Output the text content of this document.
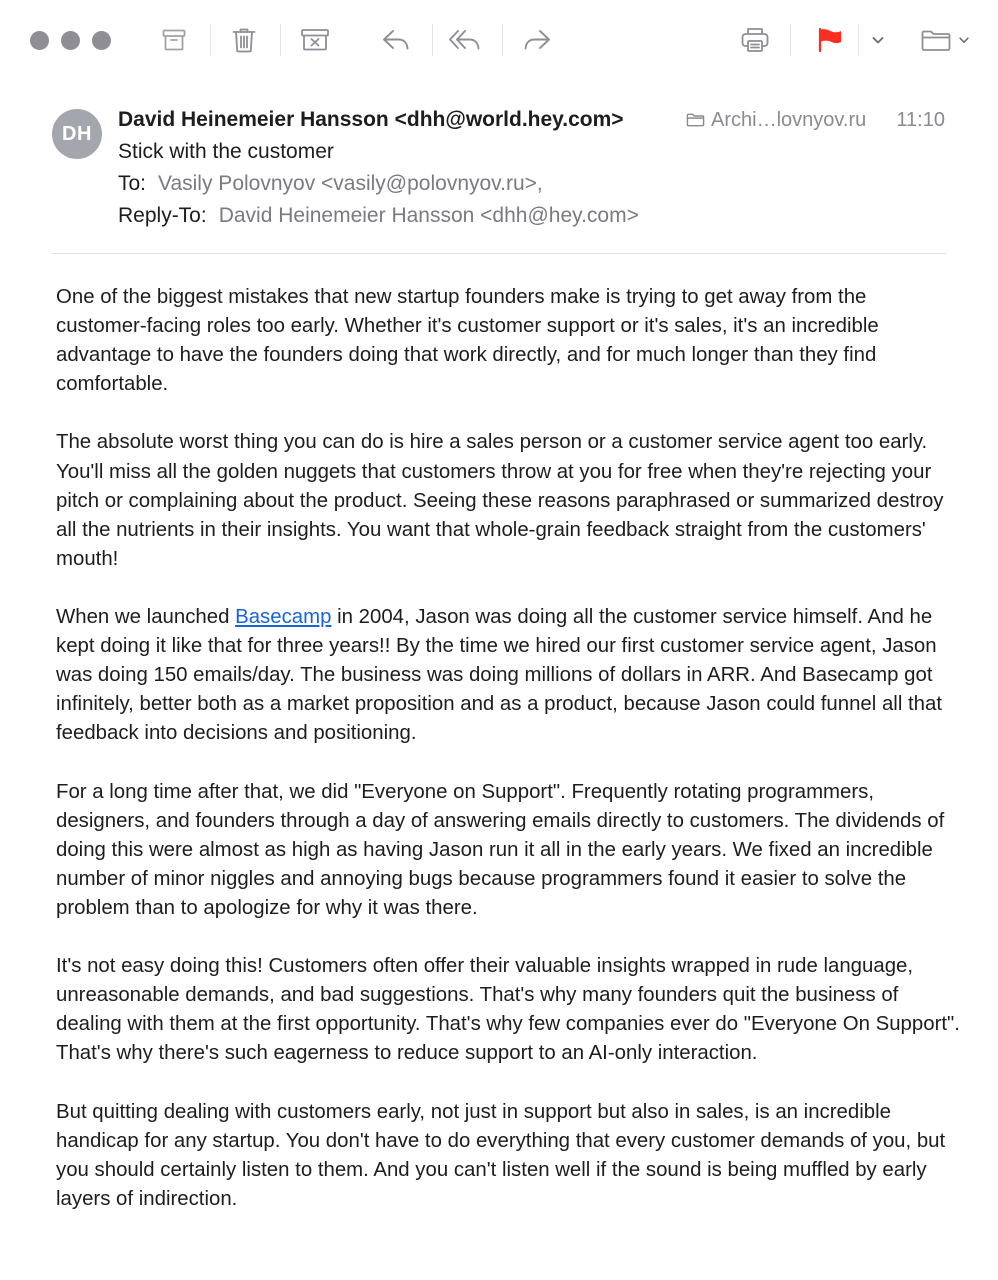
DH
David Heinemeier Hansson <dhh@world.hey.com>
Stick with the customer
To: Vasily Polovnyov <vasily@polovnyov.ru>,
Reply-To: David Heinemeier Hansson <dhh@hey.com>
Archi…lovnyov.ru 11:10

One of the biggest mistakes that new startup founders make is trying to get away from the customer-facing roles too early. Whether it's customer support or it's sales, it's an incredible advantage to have the founders doing that work directly, and for much longer than they find comfortable.

The absolute worst thing you can do is hire a sales person or a customer service agent too early. You'll miss all the golden nuggets that customers throw at you for free when they're rejecting your pitch or complaining about the product. Seeing these reasons paraphrased or summarized destroy all the nutrients in their insights. You want that whole-grain feedback straight from the customers' mouth!

When we launched Basecamp in 2004, Jason was doing all the customer service himself. And he kept doing it like that for three years!! By the time we hired our first customer service agent, Jason was doing 150 emails/day. The business was doing millions of dollars in ARR. And Basecamp got infinitely, better both as a market proposition and as a product, because Jason could funnel all that feedback into decisions and positioning.

For a long time after that, we did "Everyone on Support". Frequently rotating programmers, designers, and founders through a day of answering emails directly to customers. The dividends of doing this were almost as high as having Jason run it all in the early years. We fixed an incredible number of minor niggles and annoying bugs because programmers found it easier to solve the problem than to apologize for why it was there.

It's not easy doing this! Customers often offer their valuable insights wrapped in rude language, unreasonable demands, and bad suggestions. That's why many founders quit the business of dealing with them at the first opportunity. That's why few companies ever do "Everyone On Support". That's why there's such eagerness to reduce support to an AI-only interaction.

But quitting dealing with customers early, not just in support but also in sales, is an incredible handicap for any startup. You don't have to do everything that every customer demands of you, but you should certainly listen to them. And you can't listen well if the sound is being muffled by early layers of indirection.
